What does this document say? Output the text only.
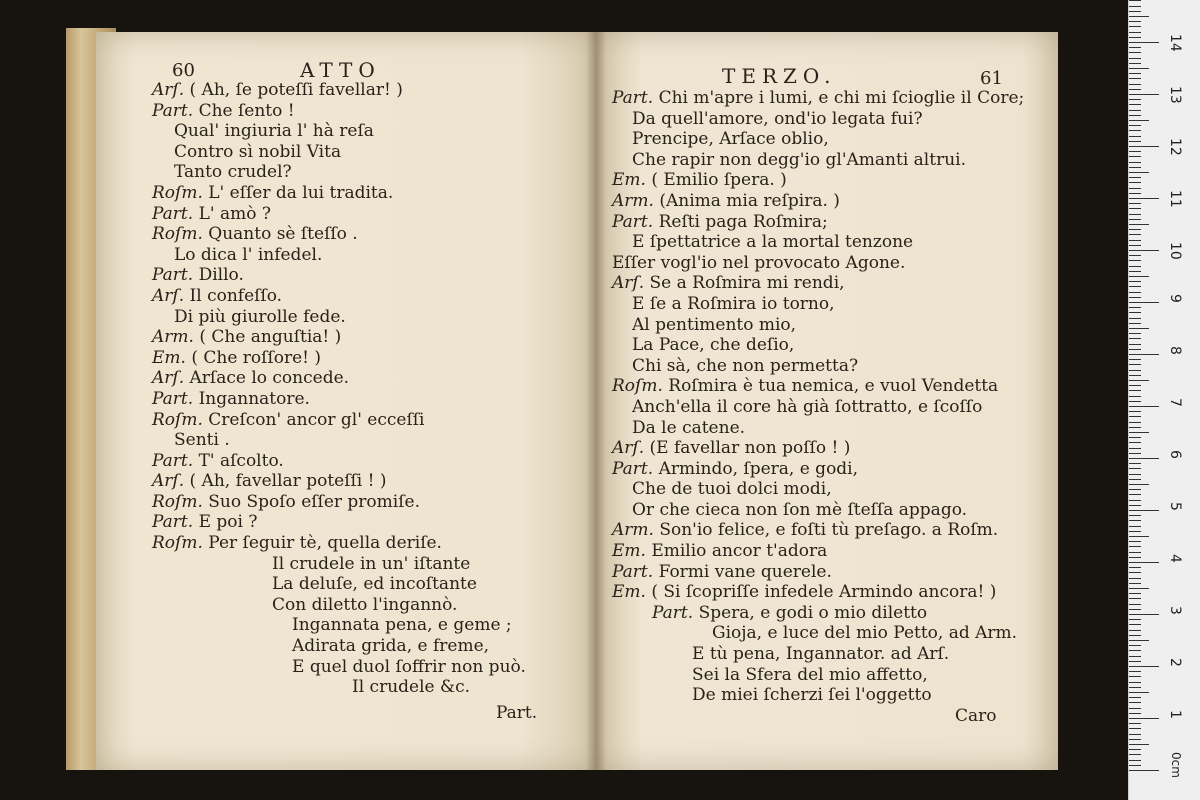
60	ATTO	61
TERZO.
Arſ. ( Ah, ſe poteſſi favellar! )
Part. Che ſento !
Qual' ingiuria l' hà reſa
Contro sì nobil Vita
Tanto crudel?
Roſm. L' eſſer da lui tradita.
Part. L' amò ?
Roſm. Quanto sè ſteſſo .
Lo dica l' infedel.
Part. Dillo.
Arſ. Il confeſſo.
Di più giurolle fede.
Arm. ( Che anguſtia! )
Em. ( Che roſſore! )
Arſ. Arſace lo concede.
Part. Ingannatore.
Roſm. Creſcon' ancor gl' ecceſſi
Senti .
Part. T' aſcolto.
Arſ. ( Ah, favellar poteſſi ! )
Roſm. Suo Spoſo eſſer promiſe.
Part. E poi ?
Roſm. Per ſeguir tè, quella deriſe.
Il crudele in un' iſtante
La deluſe, ed incoſtante
Con diletto l'ingannò.
Ingannata pena, e geme ;
Adirata grida, e freme,
E quel duol ſoffrir non può.
Il crudele &c.
Part.
Part. Chi m'apre i lumi, e chi mi ſcioglie il Core;
Da quell'amore, ond'io legata fui?
Prencipe, Arſace oblio,
Che rapir non degg'io gl'Amanti altrui.
Em. ( Emilio ſpera. )
Arm. (Anima mia reſpira. )
Part. Reſti paga Roſmira;
E ſpettatrice a la mortal tenzone
Eſſer vogl'io nel provocato Agone.
Arſ. Se a Roſmira mi rendi,
E ſe a Roſmira io torno,
Al pentimento mio,
La Pace, che deſio,
Chi sà, che non permetta?
Roſm. Roſmira è tua nemica, e vuol Vendetta
Anch'ella il core hà già ſottratto, e ſcoſſo
Da le catene.
Arſ. (E favellar non poſſo ! )
Part. Armindo, ſpera, e godi,
Che de tuoi dolci modi,
Or che cieca non ſon mè ſteſſa appago.
Arm. Son'io felice, e foſti tù preſago. a Roſm.
Em. Emilio ancor t'adora
Part. Formi vane querele.
Em. ( Si ſcopriſſe infedele Armindo ancora! )
Part. Spera, e godi o mio diletto
Gioja, e luce del mio Petto, ad Arm.
E tù pena, Ingannator. ad Arſ.
Sei la Sfera del mio affetto,
De miei ſcherzi ſei l'oggetto
Caro
14
13
12
11
10
9
8
7
6
5
4
3
2
1
0cm
